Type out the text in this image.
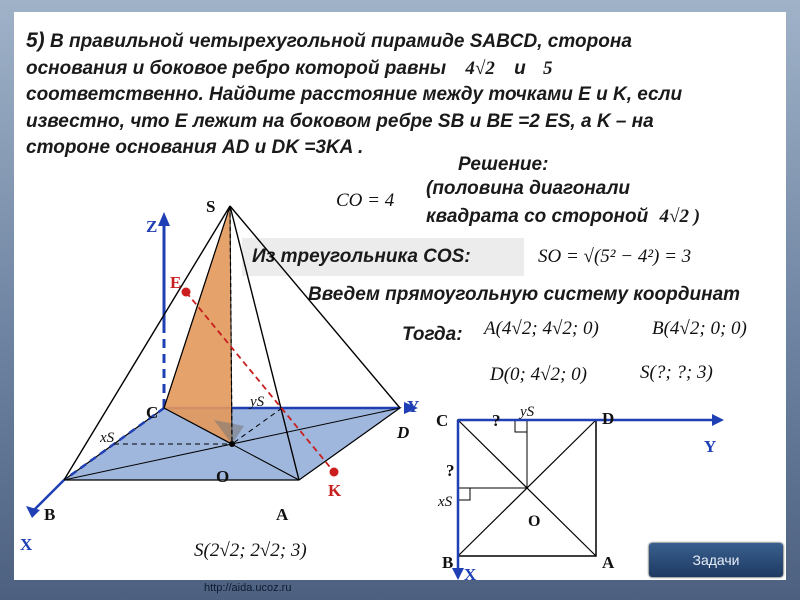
5) В правильной четырехугольной пирамиде SABCD, сторона
основания и боковое ребро которой равны 4√2 и 5
соответственно. Найдите расстояние между точками E и K, если
известно, что E лежит на боковом ребре SB и BE =2 ES, а K – на
стороне основания AD и DK =3KA .
Решение:
CO = 4
(половина диагонали
квадрата со стороной 4√2 )
Из треугольника COS:	SO = √(5² − 4²) = 3
Введем прямоугольную систему координат
Тогда: A(4√2; 4√2; 0)	B(4√2; 0; 0)
D(0; 4√2; 0)	S(?; ?; 3)
S(2√2; 2√2; 3)
S
Z
E
C
D
Y
B	A
O
K
X
xS
yS
C	D
B	A
O
?
?
xS
yS
Y
X
Задачи
http://aida.ucoz.ru
